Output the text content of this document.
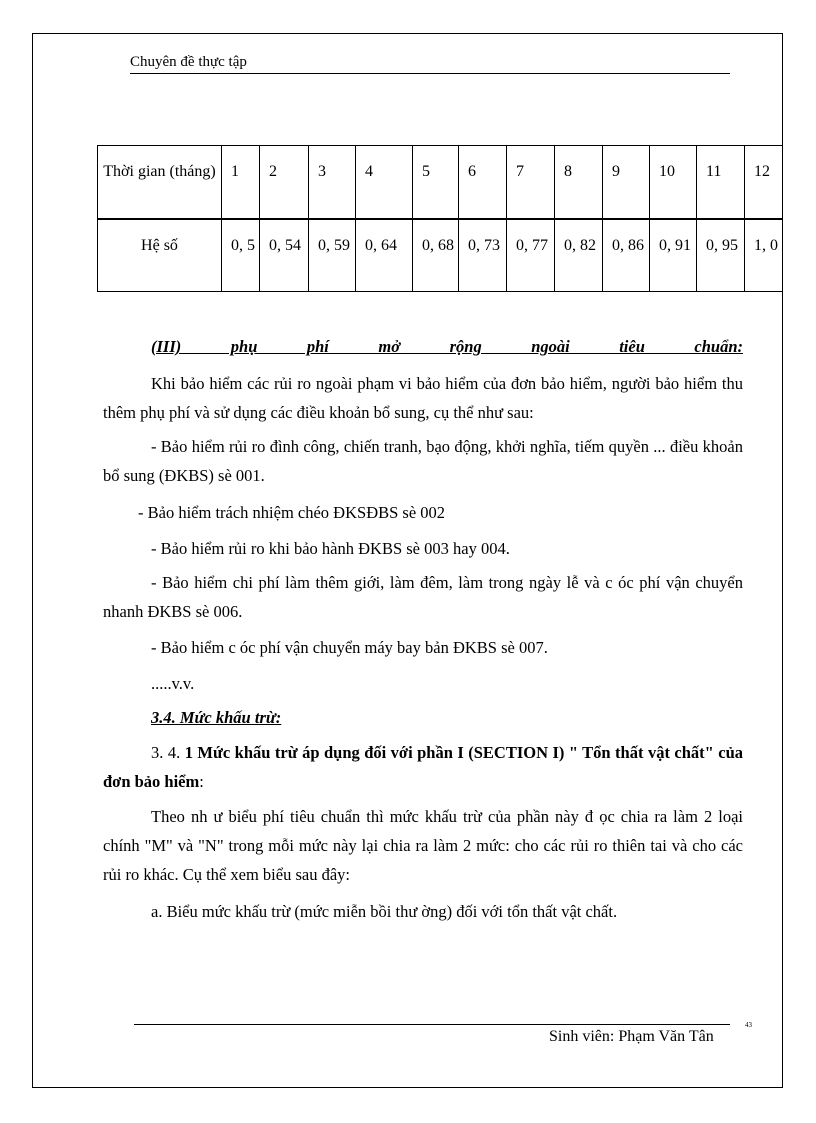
Chuyên đề thực tập
Thời gian (tháng)	1	2	3	4	5	6	7	8	9	10	11	12
Hệ số	0, 5	0, 54	0, 59	0, 64	0, 68	0, 73	0, 77	0, 82	0, 86	0, 91	0, 95	1, 0
(III) phụ phí mở rộng ngoài tiêu chuẩn:
Khi bảo hiểm các rủi ro ngoài phạm vi bảo hiểm của đơn bảo hiểm, người bảo hiểm thu thêm phụ phí và sử dụng các điều khoản bổ sung, cụ thể như sau:
- Bảo hiểm rủi ro đình công, chiến tranh, bạo động, khởi nghĩa, tiếm quyền ... điều khoản bổ sung (ĐKBS) sè 001.
- Bảo hiểm trách nhiệm chéo ĐKSĐBS sè 002
- Bảo hiểm rủi ro khi bảo hành ĐKBS sè 003 hay 004.
- Bảo hiểm chi phí làm thêm giới, làm đêm, làm trong ngày lễ và c óc phí vận chuyển nhanh ĐKBS sè 006.
- Bảo hiểm c óc phí vận chuyển máy bay bản ĐKBS sè 007.
.....v.v.
3.4. Mức khấu trừ:
3. 4. 1 Mức khấu trừ áp dụng đối với phần I (SECTION I) " Tổn thất vật chất" của đơn bảo hiểm:
Theo nh ư biểu phí tiêu chuẩn thì mức khấu trừ của phần này đ ọc chia ra làm 2 loại chính "M" và "N" trong mỗi mức này lại chia ra làm 2 mức: cho các rủi ro thiên tai và cho các rủi ro khác. Cụ thể xem biểu sau đây:
a. Biểu mức khấu trừ (mức miễn bồi thư ờng) đối với tổn thất vật chất.
Sinh viên: Phạm Văn Tân
43
